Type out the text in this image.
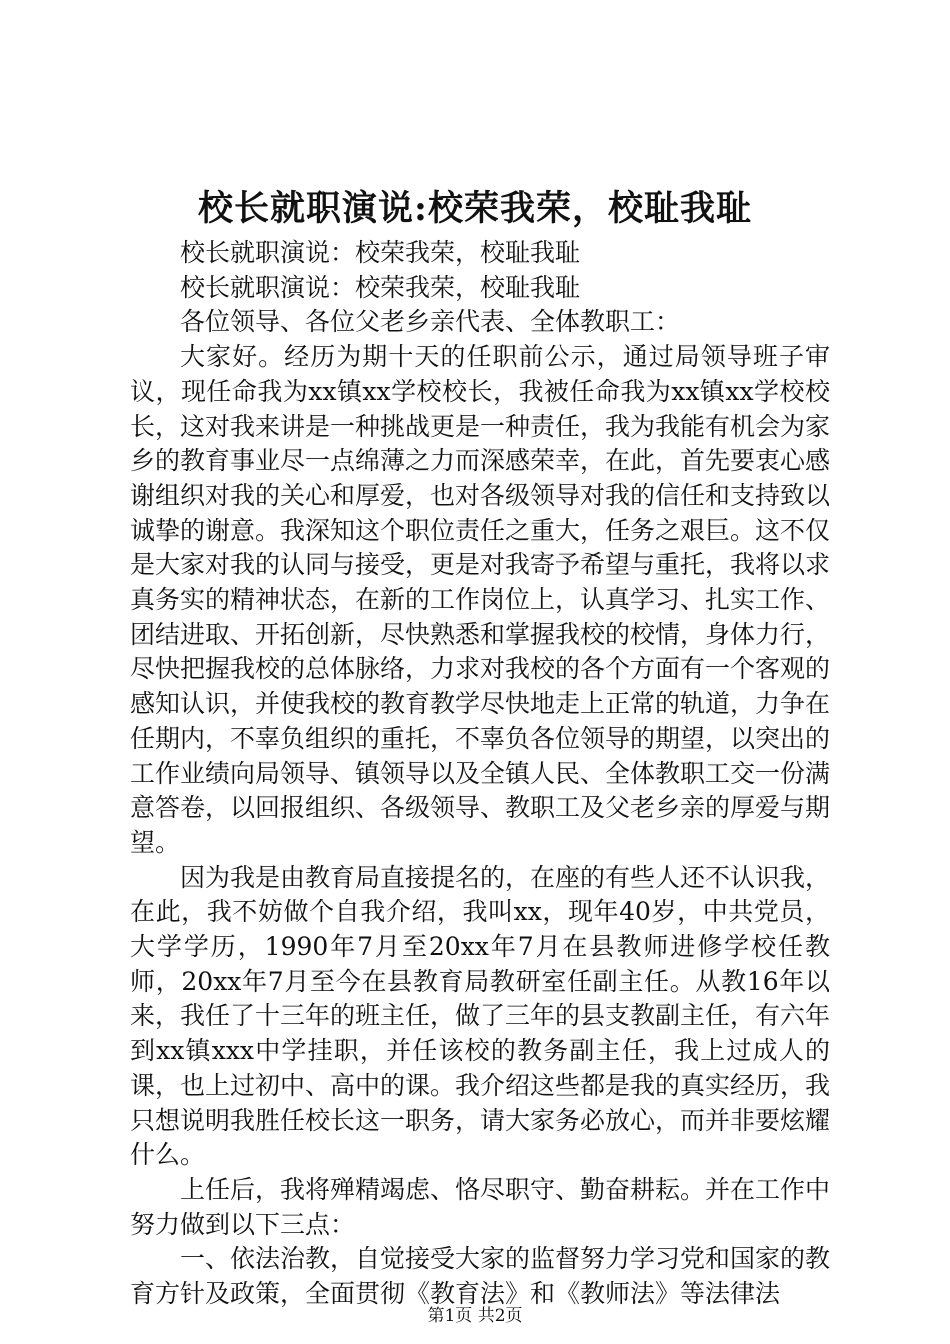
校长就职演说:校荣我荣，校耻我耻

校长就职演说：校荣我荣，校耻我耻

校长就职演说：校荣我荣，校耻我耻

各位领导、各位父老乡亲代表、全体教职工：

大家好。经历为期十天的任职前公示，通过局领导班子审议，现任命我为xx镇xx学校校长，我被任命我为xx镇xx学校校长，这对我来讲是一种挑战更是一种责任，我为我能有机会为家乡的教育事业尽一点绵薄之力而深感荣幸，在此，首先要衷心感谢组织对我的关心和厚爱，也对各级领导对我的信任和支持致以诚挚的谢意。我深知这个职位责任之重大，任务之艰巨。这不仅是大家对我的认同与接受，更是对我寄予希望与重托，我将以求真务实的精神状态，在新的工作岗位上，认真学习、扎实工作、团结进取、开拓创新，尽快熟悉和掌握我校的校情，身体力行，尽快把握我校的总体脉络，力求对我校的各个方面有一个客观的感知认识，并使我校的教育教学尽快地走上正常的轨道，力争在任期内，不辜负组织的重托，不辜负各位领导的期望，以突出的工作业绩向局领导、镇领导以及全镇人民、全体教职工交一份满意答卷，以回报组织、各级领导、教职工及父老乡亲的厚爱与期望。

因为我是由教育局直接提名的，在座的有些人还不认识我，在此，我不妨做个自我介绍，我叫xx，现年40岁，中共党员，大学学历，1990年7月至20xx年7月在县教师进修学校任教师，20xx年7月至今在县教育局教研室任副主任。从教16年以来，我任了十三年的班主任，做了三年的县支教副主任，有六年到xx镇xxx中学挂职，并任该校的教务副主任，我上过成人的课，也上过初中、高中的课。我介绍这些都是我的真实经历，我只想说明我胜任校长这一职务，请大家务必放心，而并非要炫耀什么。

上任后，我将殚精竭虑、恪尽职守、勤奋耕耘。并在工作中努力做到以下三点：

一、依法治教，自觉接受大家的监督努力学习党和国家的教育方针及政策，全面贯彻《教育法》和《教师法》等法律法

第1页 共2页
